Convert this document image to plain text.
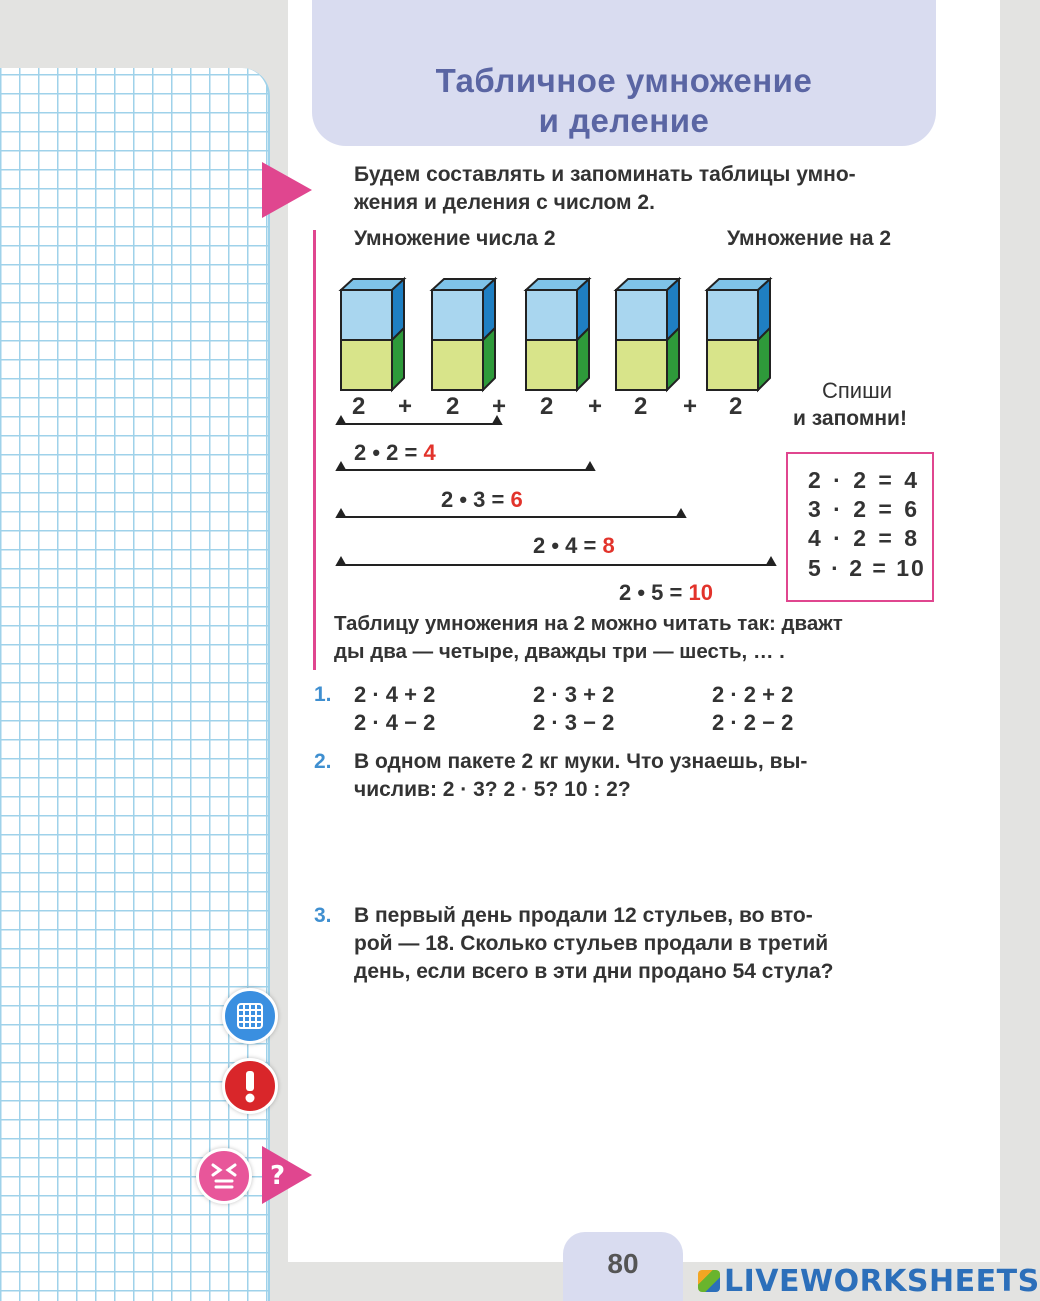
Табличное умножение
и деление
Будем составлять и запоминать таблицы умно-
жения и деления с числом 2.
Умножение числа 2	Умножение на 2
2 + 2 + 2 + 2 + 2
2 • 2 = 4
2 • 3 = 6
2 • 4 = 8
2 • 5 = 10
Спиши
и запомни!
2 · 2 = 4
3 · 2 = 6
4 · 2 = 8
5 · 2 = 10
Таблицу умножения на 2 можно читать так: дважт
ды два — четыре, дважды три — шесть, … .
1. 2 · 4 + 2
2 · 4 − 2
2 · 3 + 2
2 · 3 − 2
2 · 2 + 2
2 · 2 − 2
2. В одном пакете 2 кг муки. Что узнаешь, вы-
числив: 2 · 3? 2 · 5? 10 : 2?
3. В первый день продали 12 стульев, во вто-
рой — 18. Сколько стульев продали в третий
день, если всего в эти дни продано 54 стула?
?
80
LIVEWORKSHEETS
